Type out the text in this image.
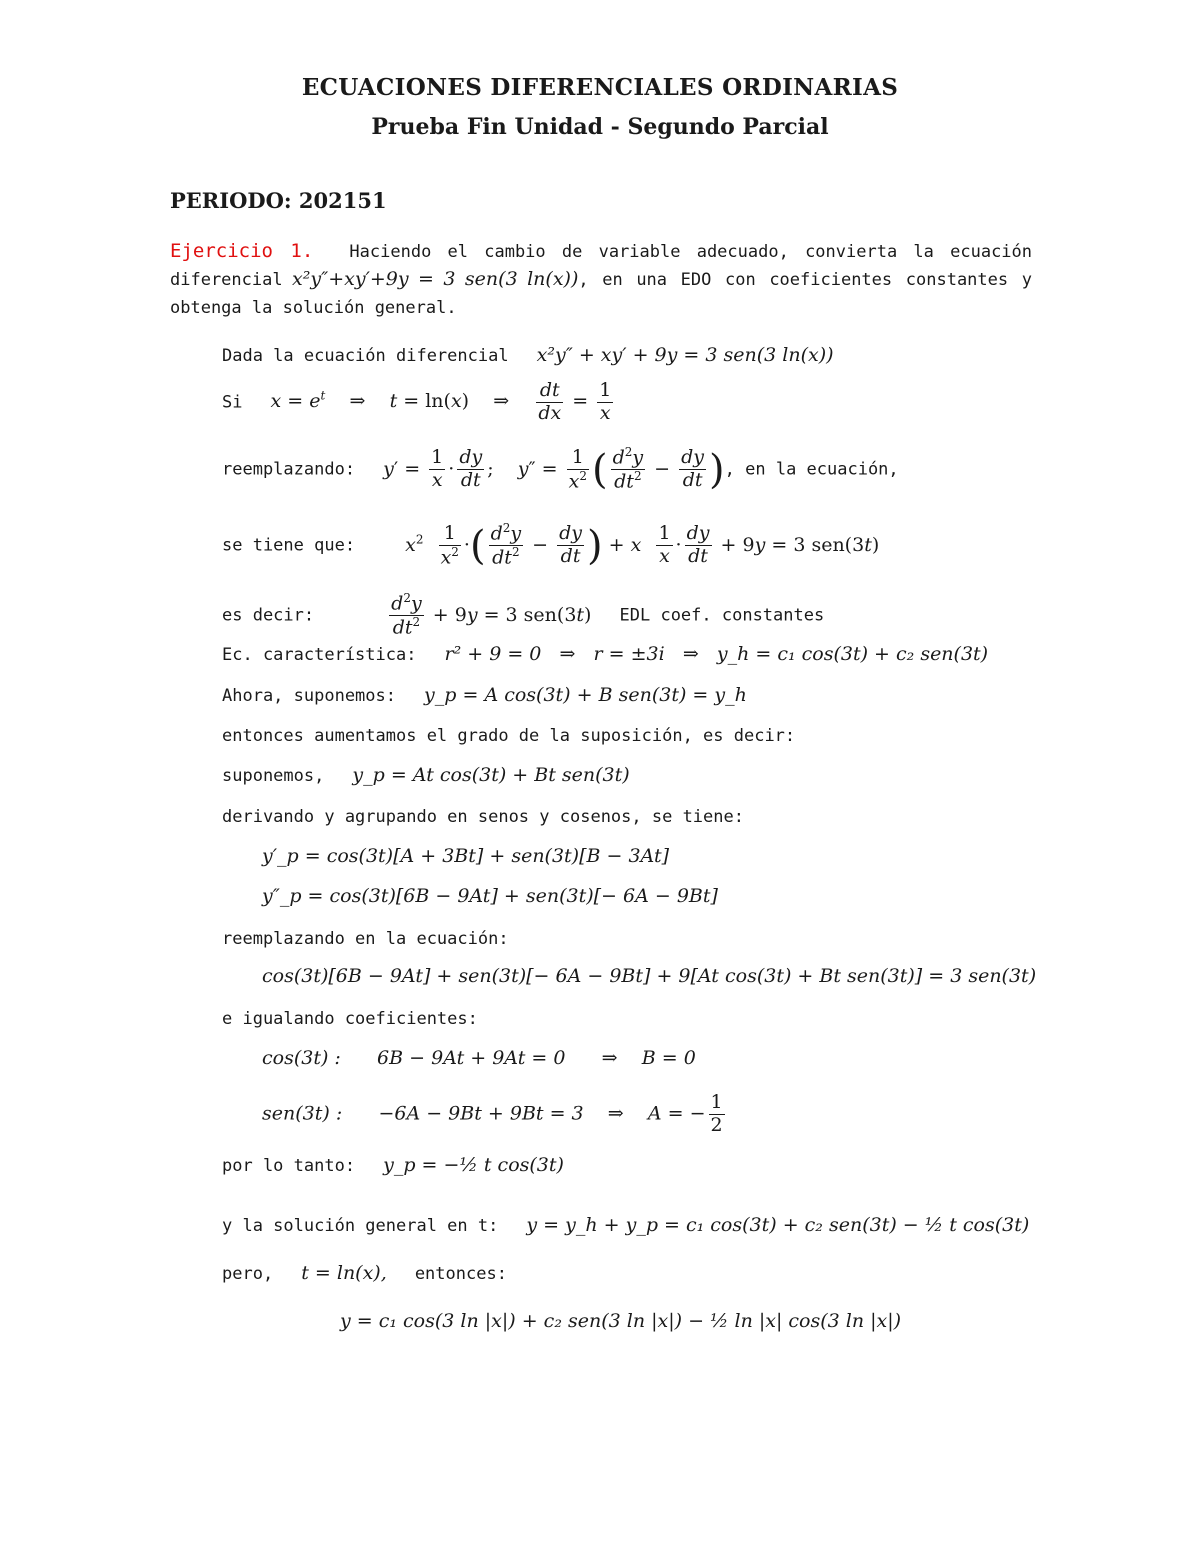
ECUACIONES DIFERENCIALES ORDINARIAS
Prueba Fin Unidad - Segundo Parcial
PERIODO: 202151
Ejercicio 1. Haciendo el cambio de variable adecuado, convierta la ecuación diferencial x²y″+xy′+9y = 3 sen(3 ln(x)), en una EDO con coeficientes constantes y obtenga la solución general.
Dada la ecuación diferencial x²y″ + xy′ + 9y = 3 sen(3 ln(x))
Si $x = e^t$    ⇒    t = ln(x)    ⇒ $\frac{dt}{dx} = \frac{1}{x}$
reemplazando: $y' = \frac{1}{x} \cdot \frac{dy}{dt}$ ;    $y'' = \frac{1}{x^2}$ ( $\frac{d^2y}{dt^2} - \frac{dy}{dt}$ ), en la ecuación,
se tiene que:	$x^2 \frac{1}{x^2}$ ·( $\frac{d^2y}{dt^2} - \frac{dy}{dt}$ ) + x $\frac{1}{x} \cdot \frac{dy}{dt} + 9y = 3$ sen(3t)
es decir:	$\frac{d^2y}{dt^2} + 9y = 3$ sen(3t) EDL coef. constantes
Ec. característica: r² + 9 = 0   ⇒   r = ±3i   ⇒   y_h = c₁ cos(3t) + c₂ sen(3t)
Ahora, suponemos: y_p = A cos(3t) + B sen(3t) = y_h
entonces aumentamos el grado de la suposición, es decir:
suponemos, y_p = At cos(3t) + Bt sen(3t)
derivando y agrupando en senos y cosenos, se tiene:
y′_p = cos(3t)[A + 3Bt] + sen(3t)[B − 3At]
y″_p = cos(3t)[6B − 9At] + sen(3t)[− 6A − 9Bt]
reemplazando en la ecuación:
cos(3t)[6B − 9At] + sen(3t)[− 6A − 9Bt] + 9[At cos(3t) + Bt sen(3t)] = 3 sen(3t)
e igualando coeficientes:
cos(3t) :      6B − 9At + 9At = 0      ⇒    B = 0
sen(3t) :      −6A − 9Bt + 9Bt = 3    ⇒    A = − $\frac{1}{2}$
por lo tanto: y_p = −½ t cos(3t)
y la solución general en t: y = y_h + y_p = c₁ cos(3t) + c₂ sen(3t) − ½ t cos(3t)
pero, t = ln(x), entonces:
y = c₁ cos(3 ln |x|) + c₂ sen(3 ln |x|) − ½ ln |x| cos(3 ln |x|)
